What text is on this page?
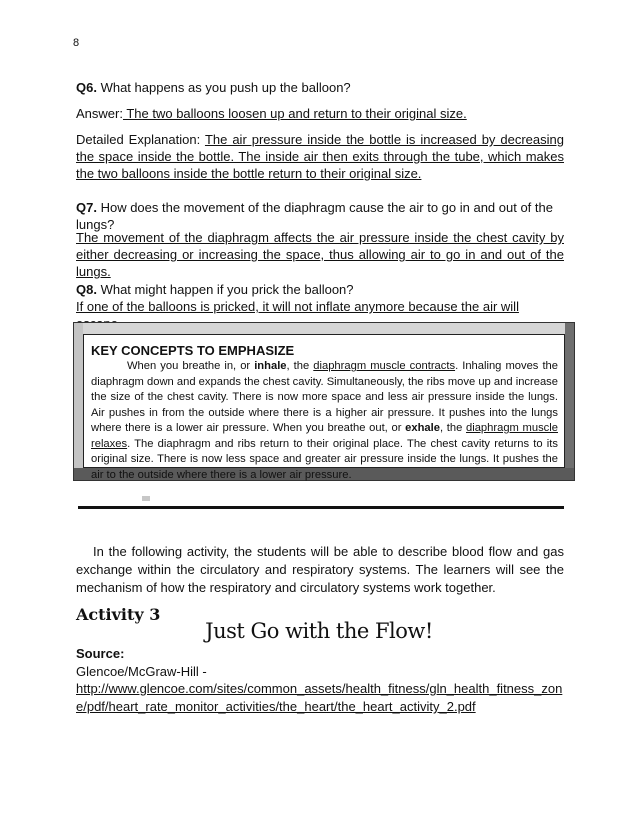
8
Q6. What happens as you push up the balloon?
Answer: The two balloons loosen up and return to their original size.
Detailed Explanation: The air pressure inside the bottle is increased by decreasing the space inside the bottle. The inside air then exits through the tube, which makes the two balloons inside the bottle return to their original size.
Q7. How does the movement of the diaphragm cause the air to go in and out of the lungs?
The movement of the diaphragm affects the air pressure inside the chest cavity by either decreasing or increasing the space, thus allowing air to go in and out of the lungs.
Q8. What might happen if you prick the balloon?
If one of the balloons is pricked, it will not inflate anymore because the air will
KEY CONCEPTS TO EMPHASIZE
When you breathe in, or inhale, the diaphragm muscle contracts. Inhaling moves the diaphragm down and expands the chest cavity. Simultaneously, the ribs move up and increase the size of the chest cavity. There is now more space and less air pressure inside the lungs. Air pushes in from the outside where there is a higher air pressure. It pushes into the lungs where there is a lower air pressure. When you breathe out, or exhale, the diaphragm muscle relaxes. The diaphragm and ribs return to their original place. The chest cavity returns to its original size. There is now less space and greater air pressure inside the lungs. It pushes the air to the outside where there is a lower air pressure.
In the following activity, the students will be able to describe blood flow and gas exchange within the circulatory and respiratory systems. The learners will see the mechanism of how the respiratory and circulatory systems work together.
Activity 3
Just Go with the Flow!
Source:
Glencoe/McGraw-Hill -
http://www.glencoe.com/sites/common_assets/health_fitness/gln_health_fitness_zone/pdf/heart_rate_monitor_activities/the_heart/the_heart_activity_2.pdf
